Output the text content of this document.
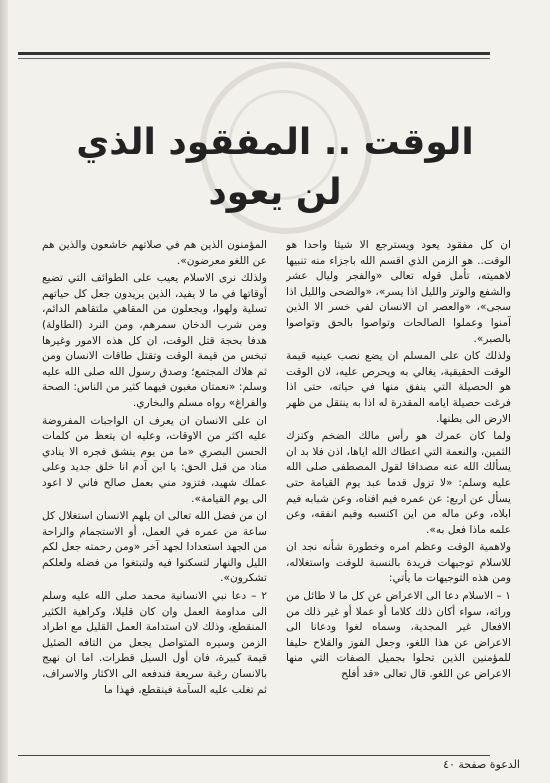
الوقت .. المفقود الذي لن يعود

ان كل مفقود يعود ويسترجع الا شيئا واحدا هو الوقت.. هو الزمن الذي اقسم الله باجزاء منه تنبيها لاهميته، تأمل قوله تعالى «والفجر وليال عشر والشفع والوتر والليل اذا يسر»، «والضحى والليل اذا سجى»، «والعصر ان الانسان لفي خسر الا الذين آمنوا وعملوا الصالحات وتواصوا بالحق وتواصوا بالصبر».

ولذلك كان على المسلم ان يضع نصب عينيه قيمة الوقت الحقيقية، يغالي به ويحرص عليه، لان الوقت هو الحصيلة التي ينفق منها في حياته، حتى اذا فرغت حصيلة ايامه المقدرة له اذا به ينتقل من ظهر الارض الى بطنها.

ولما كان عمرك هو رأس مالك الضخم وكنزك الثمين، والنعمة التي اعطاك الله اياها، اذن فلا بد ان يسألك الله عنه مصداقا لقول المصطفى صلى الله عليه وسلم: «لا تزول قدما عبد يوم القيامة حتى يسأل عن اربع: عن عمره فيم افناه، وعن شبابه فيم ابلاه، وعن ماله من اين اكتسبه وفيم انفقه، وعن علمه ماذا فعل به».

ولاهمية الوقت وعظم امره وخطورة شأنه نجد ان للاسلام توجيهات فريدة بالنسبة للوقت واستغلاله، ومن هذه التوجيهات ما يأتي:

١ – الاسلام دعا الى الاعراض عن كل ما لا طائل من ورائه، سواء أكان ذلك كلاما أو عملا أو غير ذلك من الافعال غير المجدية، وسماه لغوا ودعانا الى الاعراض عن هذا اللغو، وجعل الفوز والفلاح حليفا للمؤمنين الذين تحلوا بجميل الصفات التي منها الاعراض عن اللغو. قال تعالى «قد أفلح

المؤمنون الذين هم في صلاتهم خاشعون والذين هم عن اللغو معرضون».

ولذلك نرى الاسلام يعيب على الطوائف التي تضيع أوقاتها في ما لا يفيد، الذين يريدون جعل كل حياتهم تسلية ولهوا، ويجعلون من المقاهي ملتقاهم الدائم، ومن شرب الدخان سمرهم، ومن النرد (الطاولة) هدفا بحجة قتل الوقت، ان كل هذه الامور وغيرها تبخس من قيمة الوقت وتقتل طاقات الانسان ومن ثم هلاك المجتمع؛ وصدق رسول الله صلى الله عليه وسلم: «نعمتان مغبون فيهما كثير من الناس: الصحة والفراغ» رواه مسلم والبخاري.

ان على الانسان ان يعرف ان الواجبات المفروضة عليه اكثر من الاوقات، وعليه ان يتعظ من كلمات الحسن البصري «ما من يوم ينشق فجره الا ينادي مناد من قبل الحق: يا ابن آدم انا خلق جديد وعلى عملك شهيد، فتزود مني بعمل صالح فاني لا اعود الى يوم القيامة».

ان من فضل الله تعالى ان يلهم الانسان استغلال كل ساعة من عمره في العمل، أو الاستجمام والراحة من الجهد استعدادا لجهد آخر «ومن رحمته جعل لكم الليل والنهار لتسكنوا فيه ولتبتغوا من فضله ولعلكم تشكرون».

٢ – دعا نبي الانسانية محمد صلى الله عليه وسلم الى مداومة العمل وان كان قليلا، وكراهية الكثير المنقطع، وذلك لان استدامة العمل القليل مع اطراد الزمن وسيره المتواصل يجعل من التافه الضئيل قيمة كبيرة، فان أول السيل قطرات. اما ان نهيج بالانسان رغبة سريعة فندفعه الى الاكثار والاسراف، ثم تغلب عليه السآمة فينقطع، فهذا ما

الدعوة صفحة ٤٠
